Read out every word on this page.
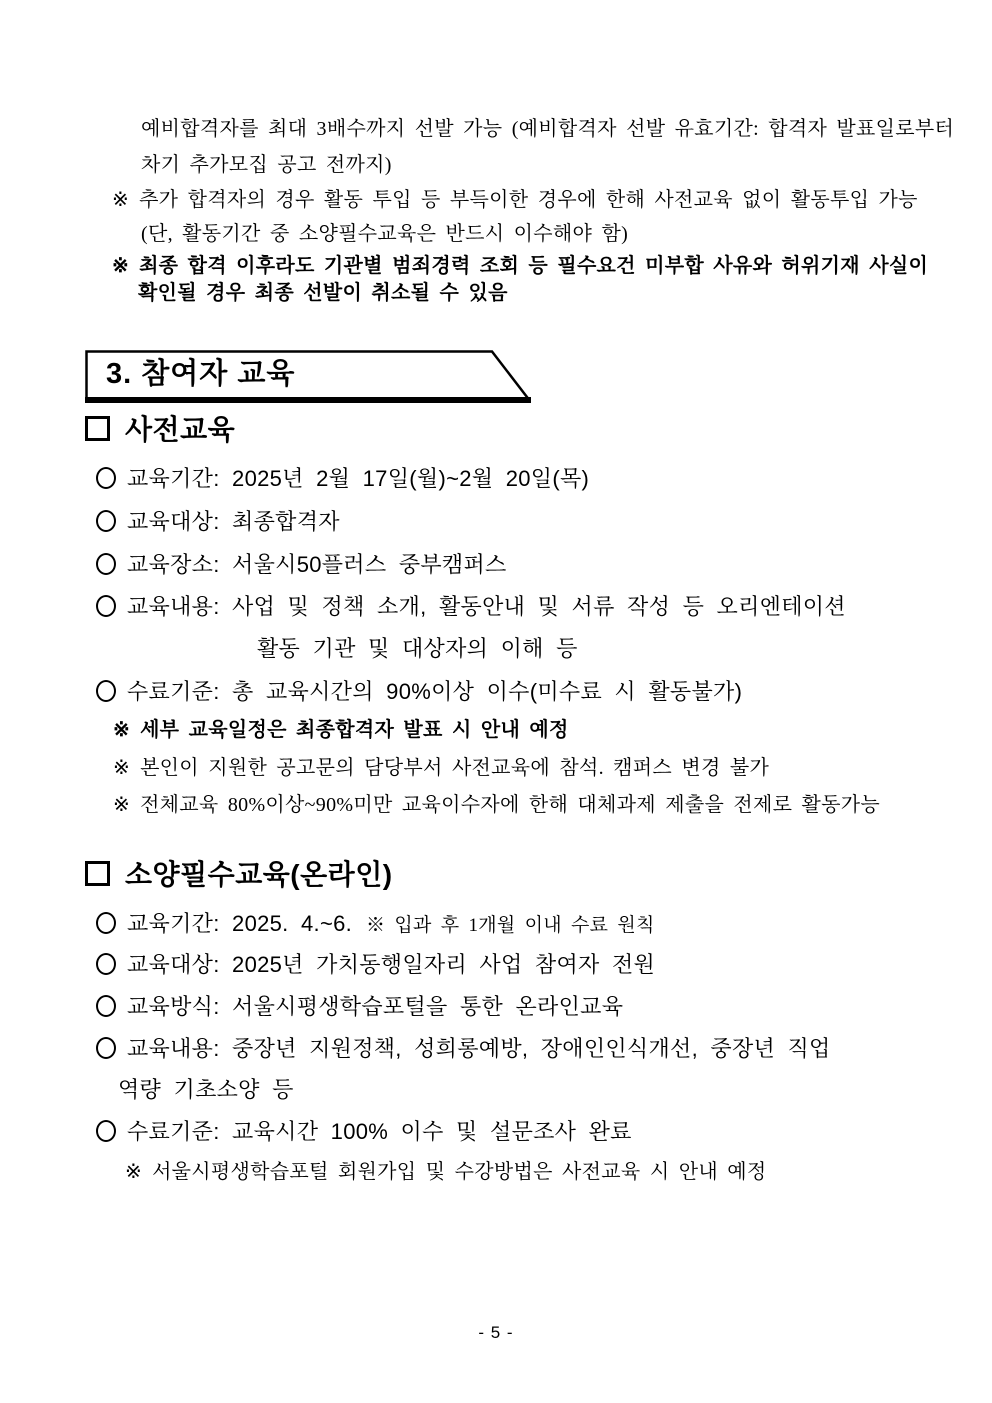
예비합격자를 최대 3배수까지 선발 가능 (예비합격자 선발 유효기간: 합격자 발표일로부터
차기 추가모집 공고 전까지)
※ 추가 합격자의 경우 활동 투입 등 부득이한 경우에 한해 사전교육 없이 활동투입 가능
(단, 활동기간 중 소양필수교육은 반드시 이수해야 함)
※ 최종 합격 이후라도 기관별 범죄경력 조회 등 필수요건 미부합 사유와 허위기재 사실이
확인될 경우 최종 선발이 취소될 수 있음
3. 참여자 교육
사전교육
교육기간: 2025년 2월 17일(월)~2월 20일(목)
교육대상: 최종합격자
교육장소: 서울시50플러스 중부캠퍼스
교육내용: 사업 및 정책 소개, 활동안내 및 서류 작성 등 오리엔테이션
활동 기관 및 대상자의 이해 등
수료기준: 총 교육시간의 90%이상 이수(미수료 시 활동불가)
※ 세부 교육일정은 최종합격자 발표 시 안내 예정
※ 본인이 지원한 공고문의 담당부서 사전교육에 참석. 캠퍼스 변경 불가
※ 전체교육 80%이상~90%미만 교육이수자에 한해 대체과제 제출을 전제로 활동가능
소양필수교육(온라인)
교육기간: 2025. 4.~6. ※ 입과 후 1개월 이내 수료 원칙
교육대상: 2025년 가치동행일자리 사업 참여자 전원
교육방식: 서울시평생학습포털을 통한 온라인교육
교육내용: 중장년 지원정책, 성희롱예방, 장애인인식개선, 중장년 직업
역량 기초소양 등
수료기준: 교육시간 100% 이수 및 설문조사 완료
※ 서울시평생학습포털 회원가입 및 수강방법은 사전교육 시 안내 예정
- 5 -
